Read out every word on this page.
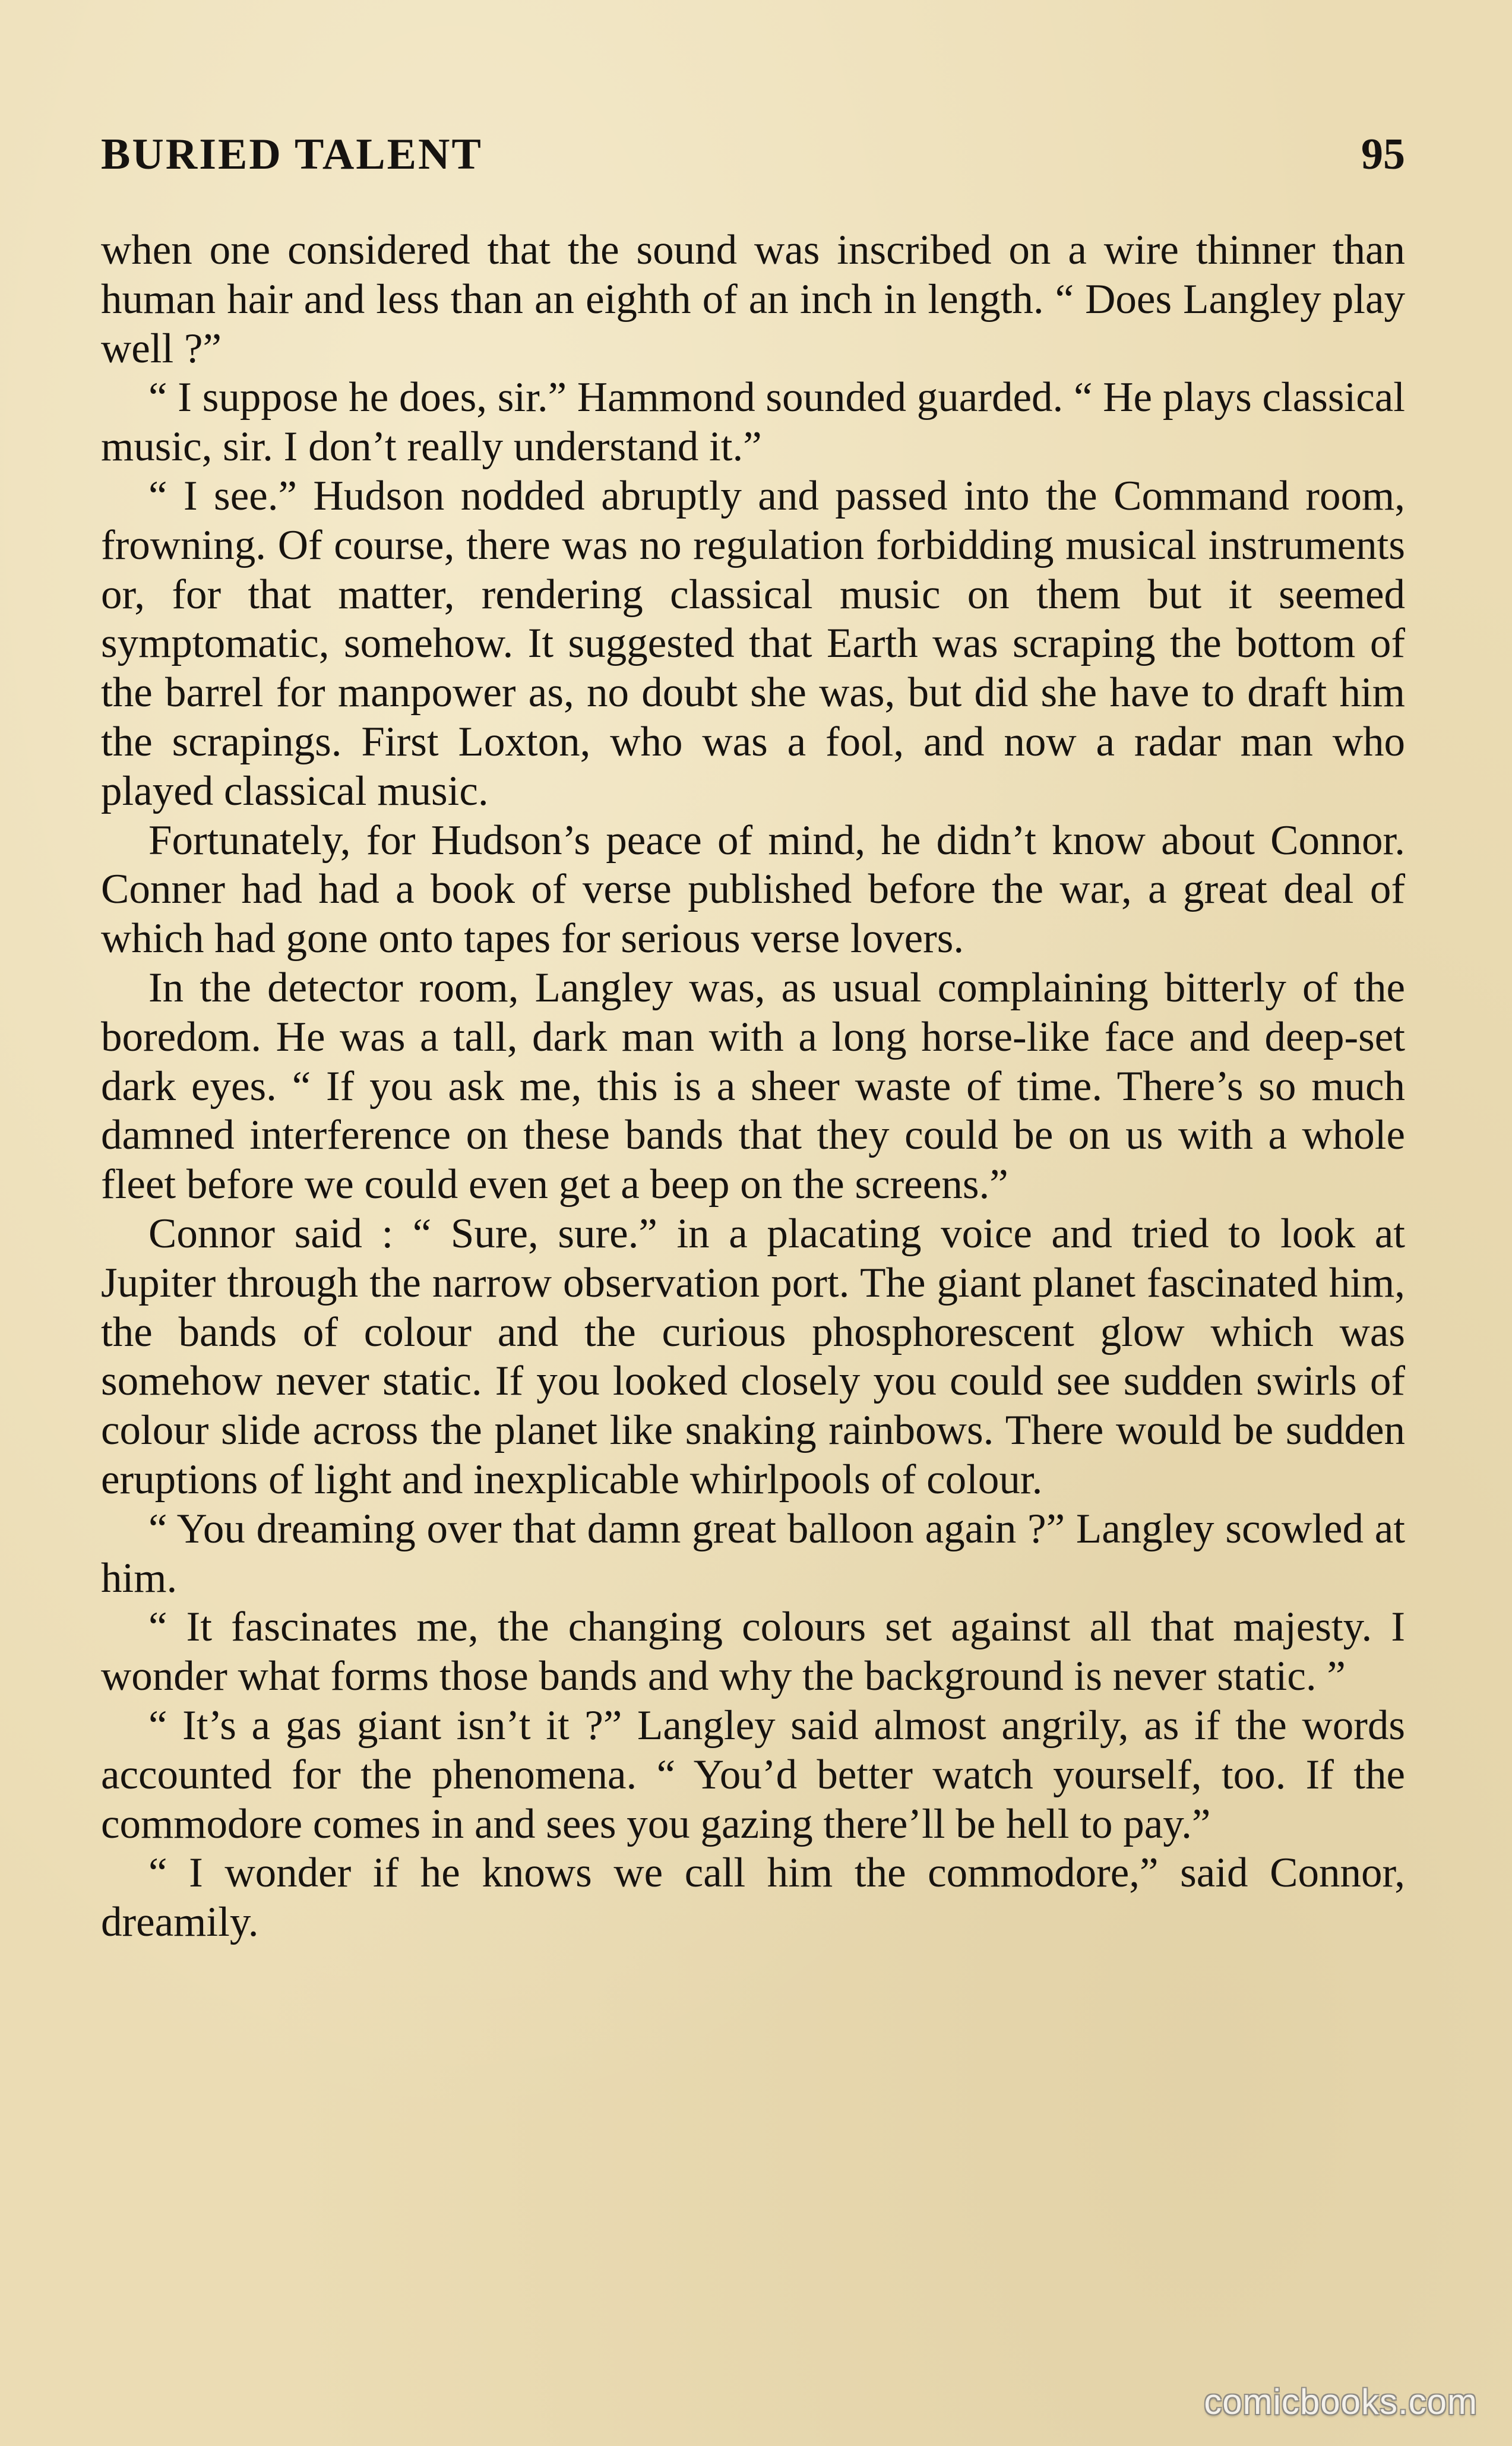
BURIED TALENT	95

when one considered that the sound was inscribed on a wire thinner than human hair and less than an eighth of an inch in length. “ Does Langley play well ?”

“ I suppose he does, sir.” Hammond sounded guarded. “ He plays classical music, sir. I don’t really understand it.”

“ I see.” Hudson nodded abruptly and passed into the Command room, frowning. Of course, there was no regulation forbidding musical instruments or, for that matter, rendering classical music on them but it seemed symptomatic, somehow. It suggested that Earth was scraping the bottom of the barrel for manpower as, no doubt she was, but did she have to draft him the scrapings. First Loxton, who was a fool, and now a radar man who played classical music.

Fortunately, for Hudson’s peace of mind, he didn’t know about Connor. Conner had had a book of verse published before the war, a great deal of which had gone onto tapes for serious verse lovers.

In the detector room, Langley was, as usual complaining bitterly of the boredom. He was a tall, dark man with a long horse-like face and deep-set dark eyes. “ If you ask me, this is a sheer waste of time. There’s so much damned interference on these bands that they could be on us with a whole fleet before we could even get a beep on the screens.”

Connor said : “ Sure, sure.” in a placating voice and tried to look at Jupiter through the narrow observation port. The giant planet fascinated him, the bands of colour and the curious phosphorescent glow which was somehow never static. If you looked closely you could see sudden swirls of colour slide across the planet like snaking rainbows. There would be sudden eruptions of light and inexplicable whirlpools of colour.

“ You dreaming over that damn great balloon again ?” Langley scowled at him.

“ It fascinates me, the changing colours set against all that majesty. I wonder what forms those bands and why the background is never static. ”

“ It’s a gas giant isn’t it ?” Langley said almost angrily, as if the words accounted for the phenomena. “ You’d better watch yourself, too. If the commodore comes in and sees you gazing there’ll be hell to pay.”

“ I wonder if he knows we call him the commodore,” said Connor, dreamily.

comicbooks.com
